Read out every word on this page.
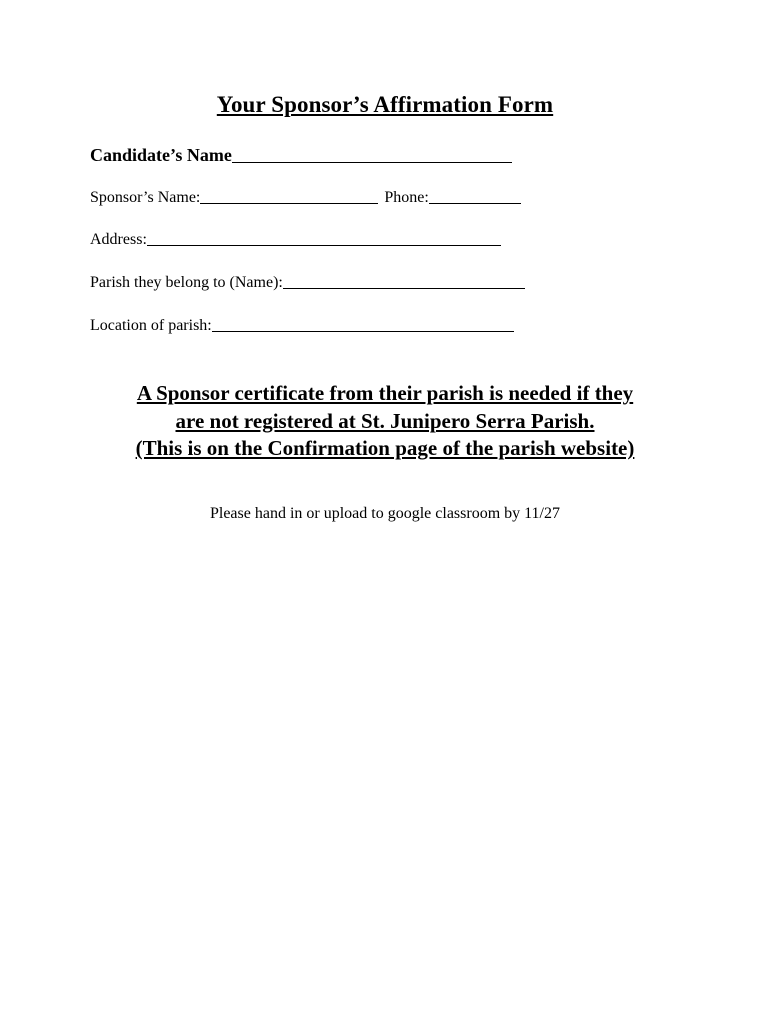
Your Sponsor’s Affirmation Form
Candidate’s Name
Sponsor’s Name:	Phone:
Address:
Parish they belong to (Name):
Location of parish:
A Sponsor certificate from their parish is needed if they
are not registered at St. Junipero Serra Parish.
(This is on the Confirmation page of the parish website)
Please hand in or upload to google classroom by 11/27
